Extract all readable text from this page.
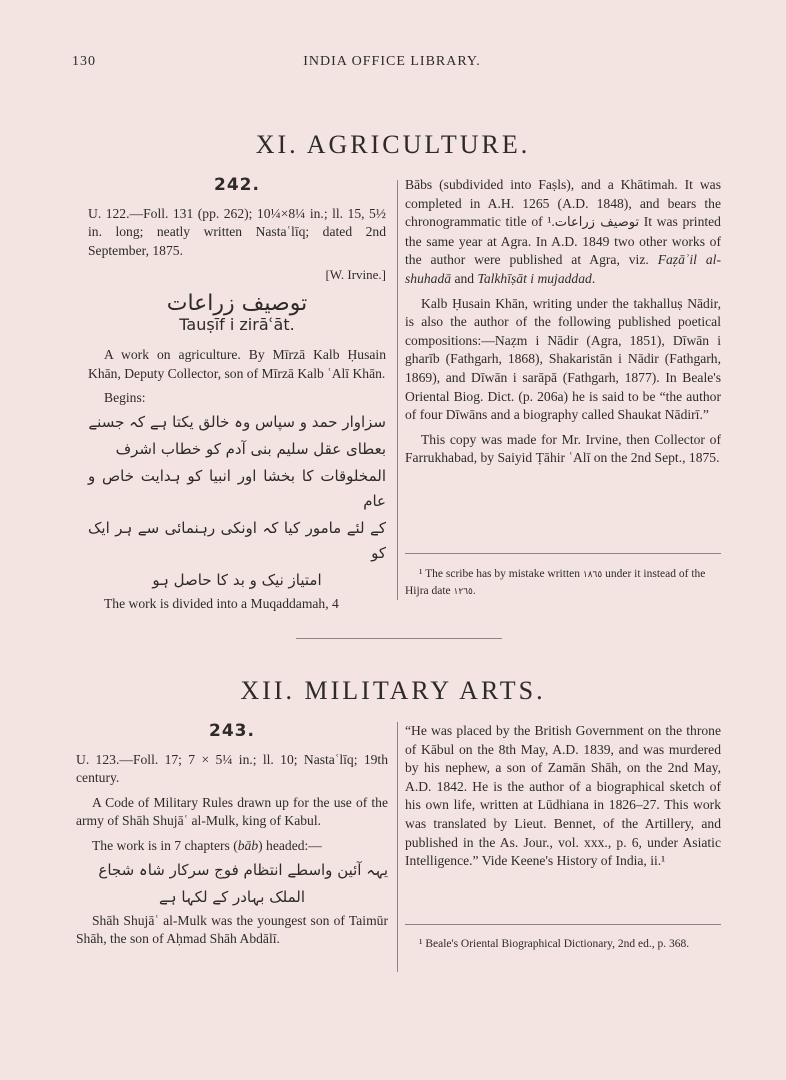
130	INDIA OFFICE LIBRARY.
XI. AGRICULTURE.
242.

U. 122.—Foll. 131 (pp. 262); 10¼×8¼ in.; ll. 15, 5½ in. long; neatly written Nastaʿlīq; dated 2nd September, 1875.

[W. Irvine.]
توصیف زراعات
Tauṣīf i zirāʿāt.

A work on agriculture. By Mīrzā Kalb Ḥusain Khān, Deputy Collector, son of Mīrzā Kalb ʿAlī Khān.

Begins:

سزاوار حمد و سپاس وہ خالق یکتا ہے کہ جسنے
بعطای عقل سلیم بنی آدم کو خطاب اشرف
المخلوقات کا بخشا اور انبیا کو ہدایت خاص و عام
کے لئے مامور کیا کہ اونکی رہنمائی سے ہر ایک کو
امتیاز نیک و بد کا حاصل ہو

The work is divided into a Muqaddamah, 4

Bābs (subdivided into Faṣls), and a Khātimah. It was completed in A.H. 1265 (A.D. 1848), and bears the chronogrammatic title of توصیف زراعات.¹ It was printed the same year at Agra. In A.D. 1849 two other works of the author were published at Agra, viz. Faẓāʾil al-shuhadā and Talkhīṣāt i mujaddad.

Kalb Ḥusain Khān, writing under the takhalluṣ Nādir, is also the author of the following published poetical compositions:—Naẓm i Nādir (Agra, 1851), Dīwān i gharīb (Fathgarh, 1868), Shakaristān i Nādir (Fathgarh, 1869), and Dīwān i sarāpā (Fathgarh, 1877). In Beale's Oriental Biog. Dict. (p. 206a) he is said to be “the author of four Dīwāns and a biography called Shaukat Nādirī.”

This copy was made for Mr. Irvine, then Collector of Farrukhabad, by Saiyid Ṭāhir ʿAlī on the 2nd Sept., 1875.

¹ The scribe has by mistake written ١٨٦٥ under it instead of the Hijra date ١٢٦٥.

XII. MILITARY ARTS.
243.

U. 123.—Foll. 17; 7 × 5¼ in.; ll. 10; Nastaʿlīq; 19th century.

A Code of Military Rules drawn up for the use of the army of Shāh Shujāʿ al-Mulk, king of Kabul.

The work is in 7 chapters (bāb) headed:—

یہہ آئین واسطے انتظام فوج سرکار شاہ شجاع
الملک بہادر کے لکہا ہے

Shāh Shujāʿ al-Mulk was the youngest son of Taimūr Shāh, the son of Aḥmad Shāh Abdālī.

“He was placed by the British Government on the throne of Kābul on the 8th May, A.D. 1839, and was murdered by his nephew, a son of Zamān Shāh, on the 2nd May, A.D. 1842. He is the author of a biographical sketch of his own life, written at Lūdhiana in 1826–27. This work was translated by Lieut. Bennet, of the Artillery, and published in the As. Jour., vol. xxx., p. 6, under Asiatic Intelligence.” Vide Keene's History of India, ii.¹

¹ Beale's Oriental Biographical Dictionary, 2nd ed., p. 368.
